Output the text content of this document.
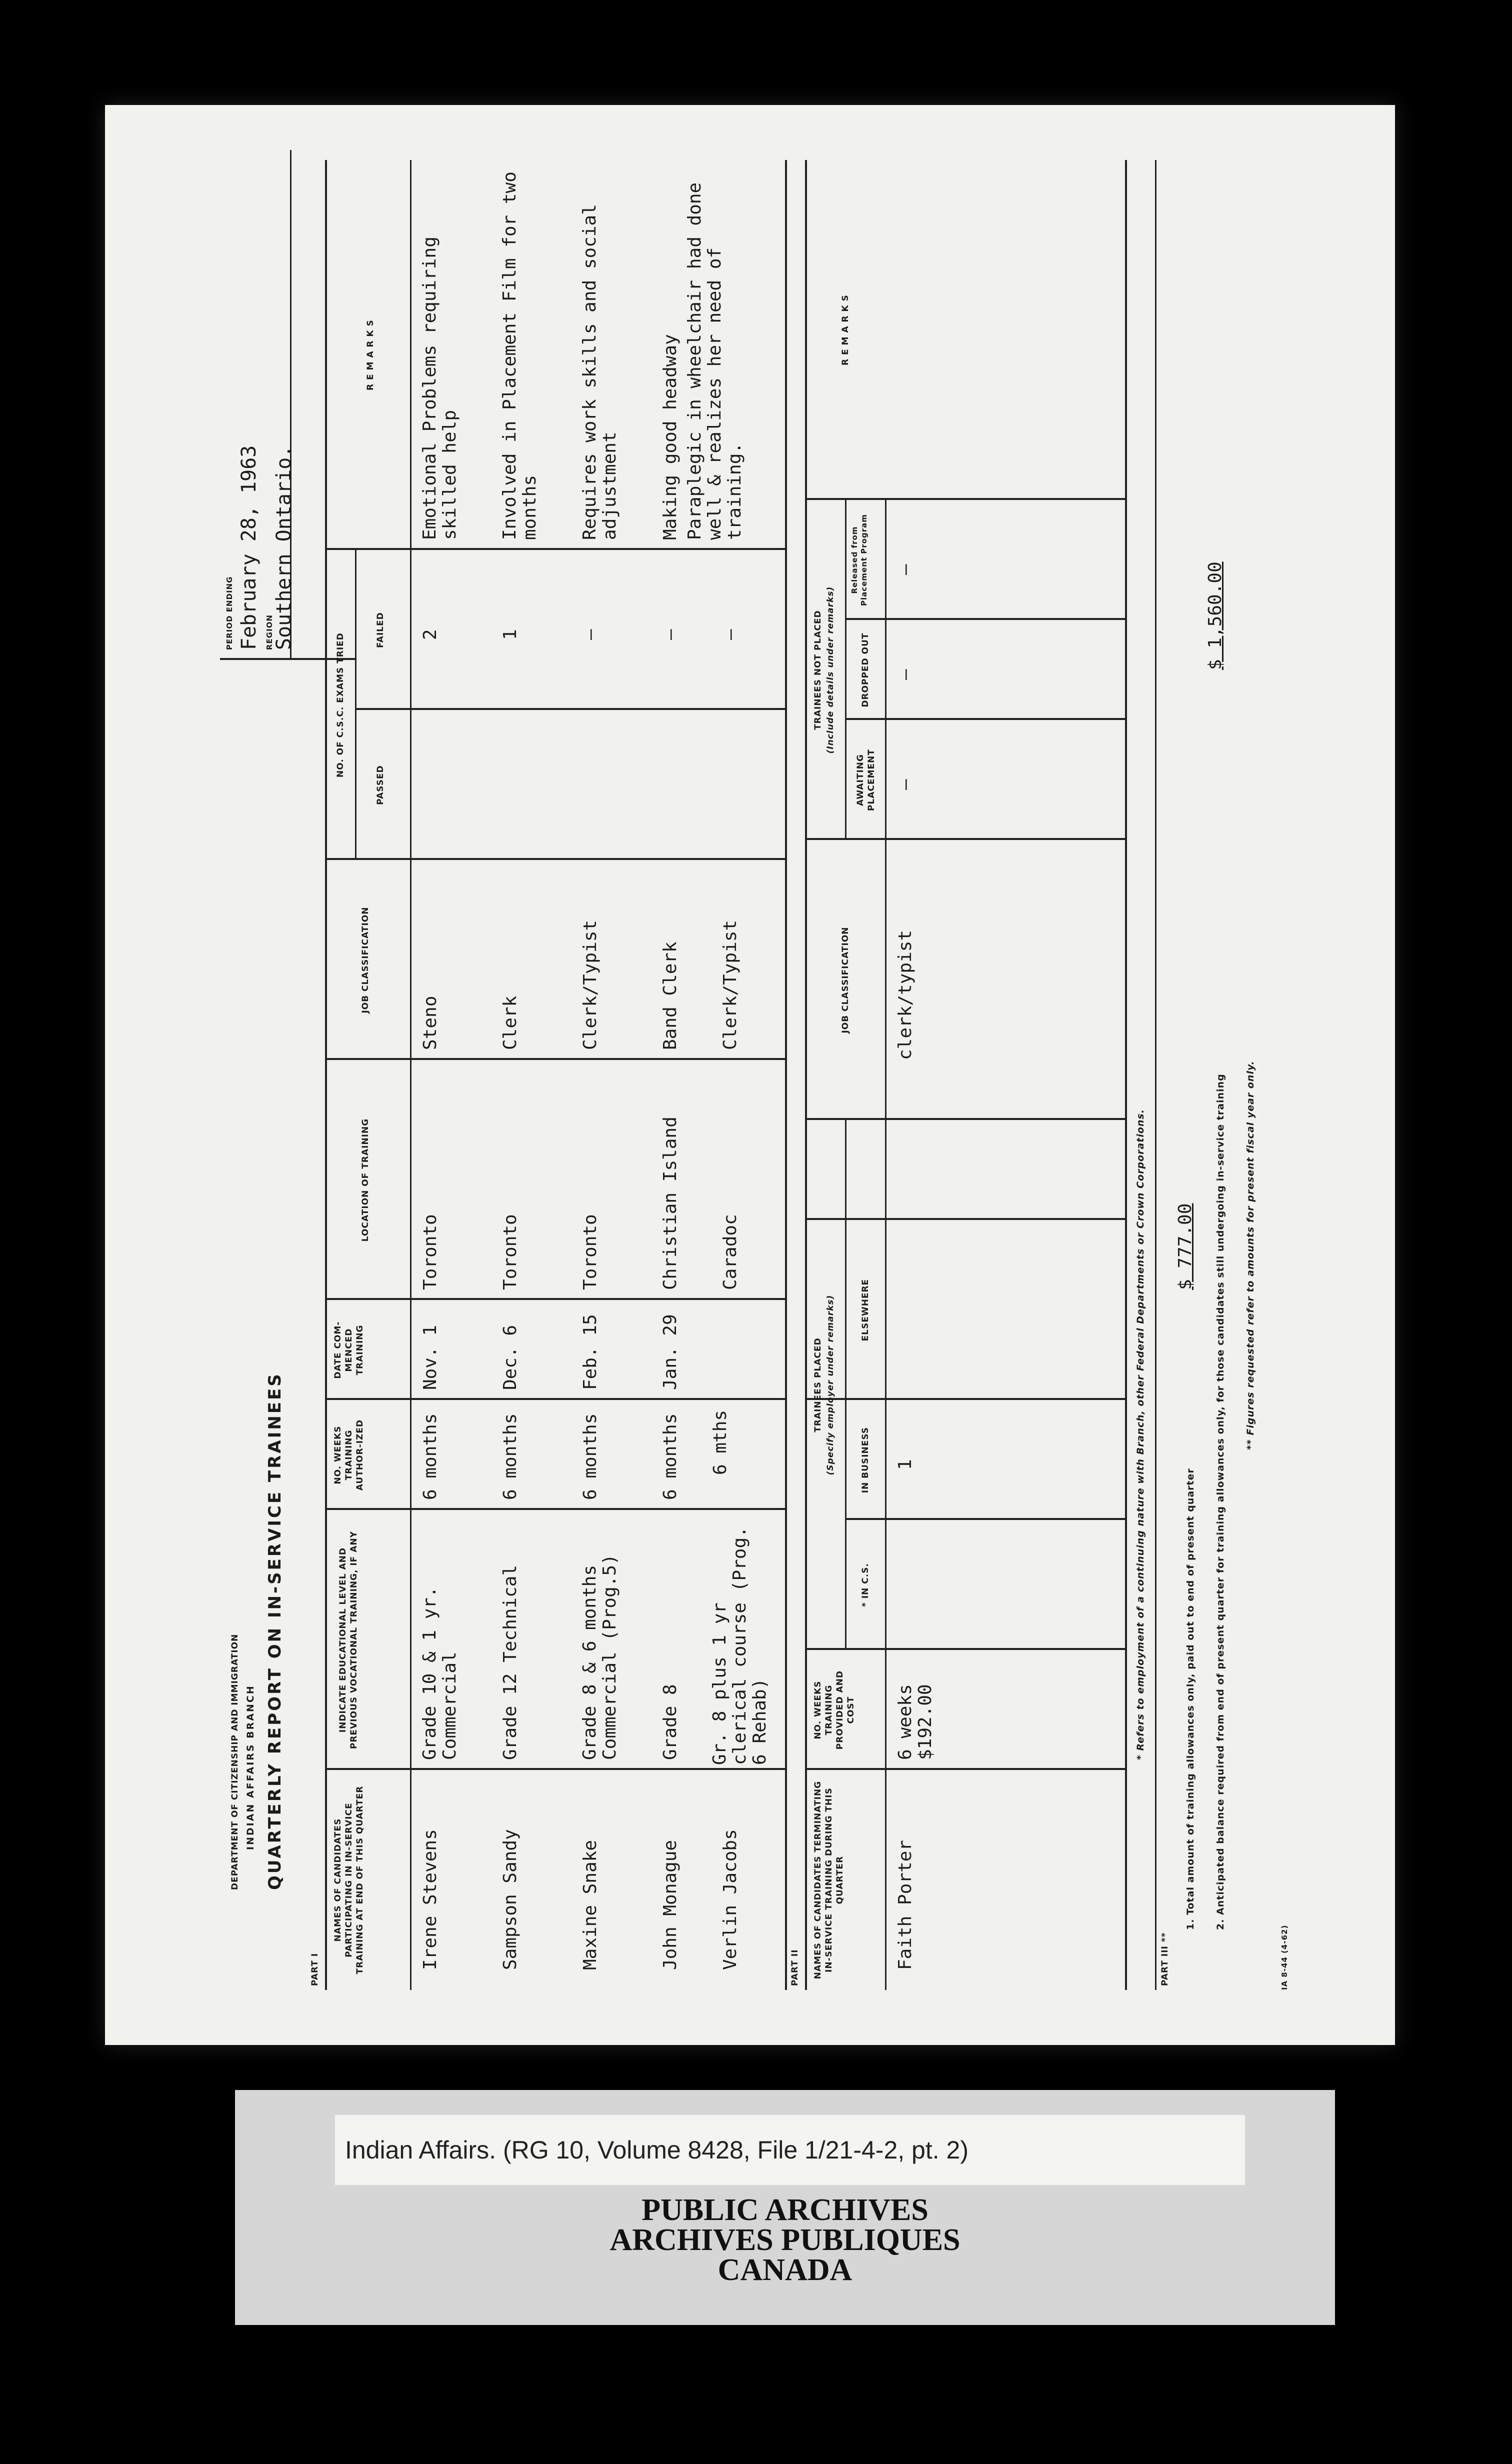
DEPARTMENT OF CITIZENSHIP AND IMMIGRATION INDIAN AFFAIRS BRANCH QUARTERLY REPORT ON IN-SERVICE TRAINEES
PERIOD ENDING February 28, 1963 REGION
Southern Ontario.
PART I
NAMES OF CANDIDATES PARTICIPATING IN IN-SERVICE TRAINING AT END OF THIS QUARTER
INDICATE EDUCATIONAL LEVEL AND PREVIOUS VOCATIONAL TRAINING, IF ANY
NO. WEEKS TRAINING AUTHOR-IZED
DATE COM-MENCED TRAINING
LOCATION OF TRAINING
JOB CLASSIFICATION
NO. OF C.S.C. EXAMS TRIED
PASSED
FAILED
R E M A R K S
Irene Stevens
Grade 10 & 1 yr. Commercial
6 months
Nov. 1
Toronto
Steno
2
Emotional Problems requiring skilled help
Sampson Sandy
Grade 12 Technical
6 months
Dec. 6
Toronto
Clerk
1
Involved in Placement Film for two months
Maxine Snake
Grade 8 & 6 months Commercial (Prog.5)
6 months
Feb. 15
Toronto
Clerk/Typist
—
Requires work skills and social adjustment
John Monague
Grade 8
6 months
Jan. 29
Christian Island
Band Clerk
—
Making good headway
Verlin Jacobs
Gr. 8 plus 1 yr clerical course (Prog. 6 Rehab)
6 mths
Caradoc
Clerk/Typist
—
Paraplegic in wheelchair had done well & realizes her need of training.
PART II NAMES OF CANDIDATES TERMINATING IN-SERVICE TRAINING DURING THIS QUARTER
NO. WEEKS TRAINING PROVIDED AND COST
TRAINEES PLACED (Specify employer under remarks)
* IN C.S.
IN BUSINESS
ELSEWHERE
JOB CLASSIFICATION
TRAINEES NOT PLACED (Include details under remarks)
AWAITING PLACEMENT
DROPPED OUT
Released from Placement Program
R E M A R K S
Faith Porter
6 weeks $192.00
1
clerk/typist
—
—
—
* Refers to employment of a continuing nature with Branch, other Federal Departments or Crown Corporations.
PART III **
1. Total amount of training allowances only, paid out to end of present quarter
$ 777.00 2. Anticipated balance required from end of present quarter for training allowances only, for those candidates still undergoing in-service training
$ 1,560.00
** Figures requested refer to amounts for present fiscal year only.
IA 8-44 (4-62)
Indian Affairs. (RG 10, Volume 8428, File 1/21-4-2, pt. 2)
PUBLIC ARCHIVES
ARCHIVES PUBLIQUES
CANADA
